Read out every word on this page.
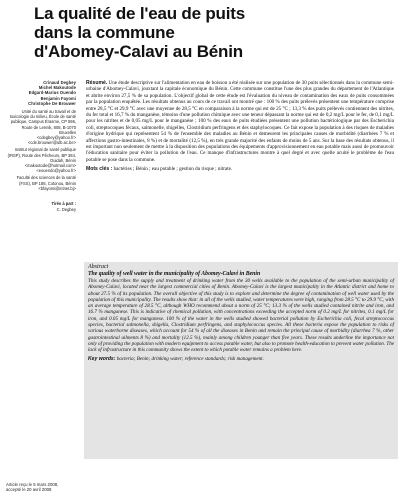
La qualité de l'eau de puits
dans la commune
d'Abomey-Calavi au Bénin
Crinaud Degbey
Michel Makoutode
Edgard-Marius Ouendo
Benjamin Fayomi
Christophe De Brouwer
Unité du santé au travail et de toxicologie du milieu, École de santé publique, Campus Érasme, CP 596, Route de Lennik, 808, B-1070 Bruxelles
<cdegbey@yahoo.fr>
<cde.brouwer@ulb.ac.be>
Institut régional de santé publique (IRSP), Route des Pêcheurs, BP 384, Ouidah, Bénin
<makoutode@hotmail.com>
<eouendo@yahoo.fr>
Faculté des sciences de la santé (FSS), BP 188, Cotonou, Bénin
<bfayomi@intnet.bj>
Tirés à part :
C. Degbey
Résumé. Une étude descriptive sur l'alimentation en eau de boisson a été réalisée sur une population de 30 puits sélectionnés dans la commune semi-urbaine d'Abomey-Calavi, jouxtant la capitale économique du Bénin. Cette commune constitue l'une des plus grandes du département de l'Atlantique et abrite environ 27,5 % de sa population. L'objectif global de cette étude est l'évaluation du niveau de contamination des eaux de puits consommées par la population enquêtée. Les résultats obtenus au cours de ce travail ont montré que : 100 % des puits prélevés présentent une température comprise entre 28,5 °C et 29,9 °C avec une moyenne de 28,5 °C en comparaison à la norme qui est de 25 °C ; 13,3 % des puits prélevés contiennent des nitrites, du fer total et 16,7 % du manganèse, témoins d'une pollution chimique avec une teneur dépassant la norme qui est de 0,2 mg/L pour le fer, de 0,1 mg/L pour les nitrites et de 0,05 mg/L pour le manganèse ; 100 % des eaux de puits étudiées présentent une pollution bactériologique par des Escherichia coli, streptocoques fécaux, salmonelle, shigelles, Clostridium perfringens et des staphylocoques. Ce fait expose la population à des risques de maladies d'origine hydrique qui représentent 54 % de l'ensemble des maladies au Bénin et demeurent les principales causes de morbidité (diarrhées 7 % et affections gastro-intestinales, 8 %) et de mortalité (12,5 %), en très grande majorité des enfants de moins de 5 ans. Sur la base des résultats obtenus, il est important non seulement de mettre à la disposition des populations des équipements d'approvisionnement en eau potable mais aussi de promouvoir l'éducation sanitaire pour éviter la pollution de l'eau. Ce manque d'infrastructures montre à quel degré et avec quelle acuité le problème de l'eau potable se pose dans la commune.
Mots clés : bactéries ; Bénin ; eau potable ; gestion du risque ; nitrate.
Abstract
The quality of well water in the municipality of Abomey-Calavi in Benin
This study describes the supply and treatment of drinking water from the 30 wells available to the population of the semi-urban municipality of Abomey-Calavi, located near the largest commercial cities of Benin. Abomey-Calavi is the largest municipality in the Atlantic district and home to about 27.5 % of its population. The overall objective of this study is to explore and determine the degree of contamination of well water used by the population of this municipality. The results show that: in all of the wells studied, water temperatures were high, ranging from 28.5 °C to 29.9 °C, with an average temperature of 28.5 °C, although WHO recommend about a norm of 25 °C; 13.3 % of the wells studied contained nitrite and iron, and 16.7 % manganese. This is indicative of chemical pollution, with concentrations exceeding the accepted norm of 0.2 mg/L for nitrites, 0.1 mg/L for iron, and 0.05 mg/L for manganese. 100 % of the water in the wells studied showed bacterial pollution by Escherichia coli, fecal streptococcus species, bacterial salmonella, shigella, Clostridium perfringens, and staphylococcus species. All these bacteria expose the population to risks of various waterborne diseases, which account for 54 % of all the diseases in Benin and remain the principal cause of morbidity (diarrhea 7 %, other gastrointestinal ailments 8 %) and mortality (12.5 %), mainly among children younger than five years. These results underline the importance not only of providing the population with modern equipment to access potable water, but also to promote health-education to prevent water pollution. The lack of infrastructure in this community shows the extent to which potable water remains a problem here.
Key words: bacteria; Benin; drinking water; reference standards; risk management.
Article reçu le 5 mars 2008,
accepté le 20 avril 2008
